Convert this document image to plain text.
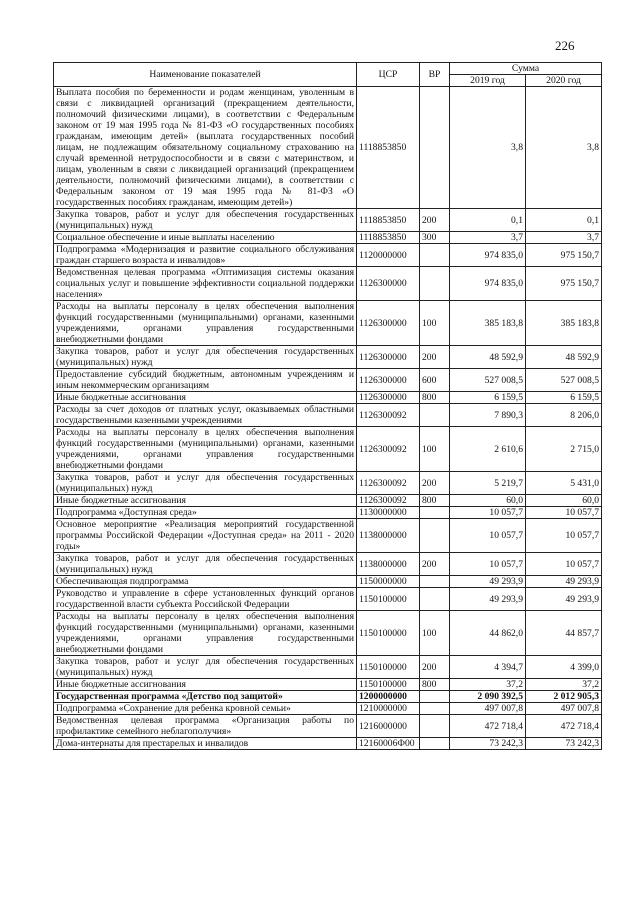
226
Наименование показателей	ЦСР	ВР	Сумма	
			2019 год	2020 год
Выплата пособия по беременности и родам женщинам, уволенным в связи с ликвидацией организаций (прекращением деятельности, полномочий физическими лицами), в соответствии с Федеральным законом от 19 мая 1995 года № 81-ФЗ «О государственных пособиях гражданам, имеющим детей» (выплата государственных пособий лицам, не подлежащим обязательному социальному страхованию на случай временной нетрудоспособности и в связи с материнством, и лицам, уволенным в связи с ликвидацией организаций (прекращением деятельности, полномочий физическими лицами), в соответствии с Федеральным законом от 19 мая 1995 года № 81-ФЗ «О государственных пособиях гражданам, имеющим детей»)	1118853850		3,8	3,8
Закупка товаров, работ и услуг для обеспечения государственных (муниципальных) нужд	1118853850	200	0,1	0,1
Социальное обеспечение и иные выплаты населению	1118853850	300	3,7	3,7
Подпрограмма «Модернизация и развитие социального обслуживания граждан старшего возраста и инвалидов»	1120000000		974 835,0	975 150,7
Ведомственная целевая программа «Оптимизация системы оказания социальных услуг и повышение эффективности социальной поддержки населения»	1126300000		974 835,0	975 150,7
Расходы на выплаты персоналу в целях обеспечения выполнения функций государственными (муниципальными) органами, казенными учреждениями, органами управления государственными внебюджетными фондами	1126300000	100	385 183,8	385 183,8
Закупка товаров, работ и услуг для обеспечения государственных (муниципальных) нужд	1126300000	200	48 592,9	48 592,9
Предоставление субсидий бюджетным, автономным учреждениям и иным некоммерческим организациям	1126300000	600	527 008,5	527 008,5
Иные бюджетные ассигнования	1126300000	800	6 159,5	6 159,5
Расходы за счет доходов от платных услуг, оказываемых областными государственными казенными учреждениями	1126300092		7 890,3	8 206,0
Расходы на выплаты персоналу в целях обеспечения выполнения функций государственными (муниципальными) органами, казенными учреждениями, органами управления государственными внебюджетными фондами	1126300092	100	2 610,6	2 715,0
Закупка товаров, работ и услуг для обеспечения государственных (муниципальных) нужд	1126300092	200	5 219,7	5 431,0
Иные бюджетные ассигнования	1126300092	800	60,0	60,0
Подпрограмма «Доступная среда»	1130000000		10 057,7	10 057,7
Основное мероприятие «Реализация мероприятий государственной программы Российской Федерации «Доступная среда» на 2011 - 2020 годы»	1138000000		10 057,7	10 057,7
Закупка товаров, работ и услуг для обеспечения государственных (муниципальных) нужд	1138000000	200	10 057,7	10 057,7
Обеспечивающая подпрограмма	1150000000		49 293,9	49 293,9
Руководство и управление в сфере установленных функций органов государственной власти субъекта Российской Федерации	1150100000		49 293,9	49 293,9
Расходы на выплаты персоналу в целях обеспечения выполнения функций государственными (муниципальными) органами, казенными учреждениями, органами управления государственными внебюджетными фондами	1150100000	100	44 862,0	44 857,7
Закупка товаров, работ и услуг для обеспечения государственных (муниципальных) нужд	1150100000	200	4 394,7	4 399,0
Иные бюджетные ассигнования	1150100000	800	37,2	37,2
Государственная программа «Детство под защитой»	1200000000		2 090 392,5	2 012 905,3
Подпрограмма «Сохранение для ребенка кровной семьи»	1210000000		497 007,8	497 007,8
Ведомственная целевая программа «Организация работы по профилактике семейного неблагополучия»	1216000000		472 718,4	472 718,4
Дома-интернаты для престарелых и инвалидов	12160006Ф00		73 242,3	73 242,3
